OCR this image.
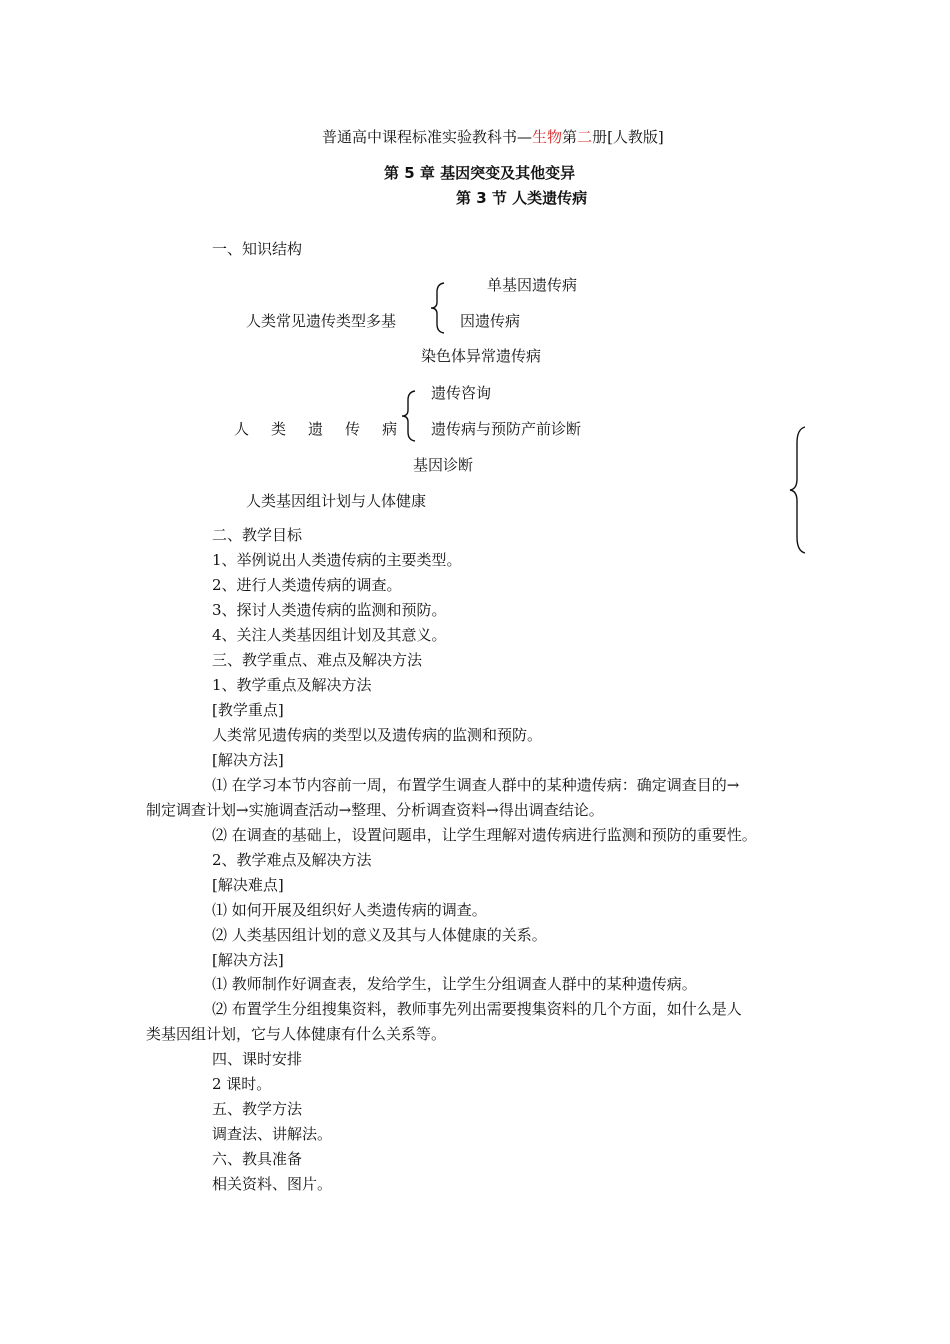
普通高中课程标准实验教科书—生物第二册[人教版]
第 5 章 基因突变及其他变异
第 3 节 人类遗传病
一、知识结构
人类常见遗传类型多基
单基因遗传病
因遗传病
染色体异常遗传病
人 类 遗 传 病
遗传咨询
遗传病与预防产前诊断
基因诊断
人类基因组计划与人体健康
二、教学目标
1、举例说出人类遗传病的主要类型。
2、进行人类遗传病的调查。
3、探讨人类遗传病的监测和预防。
4、关注人类基因组计划及其意义。
三、教学重点、难点及解决方法
1、教学重点及解决方法
[教学重点]
人类常见遗传病的类型以及遗传病的监测和预防。
[解决方法]
⑴ 在学习本节内容前一周，布置学生调查人群中的某种遗传病：确定调查目的→
制定调查计划→实施调查活动→整理、分析调查资料→得出调查结论。
⑵ 在调查的基础上，设置问题串，让学生理解对遗传病进行监测和预防的重要性。
2、教学难点及解决方法
[解决难点]
⑴ 如何开展及组织好人类遗传病的调查。
⑵ 人类基因组计划的意义及其与人体健康的关系。
[解决方法]
⑴ 教师制作好调查表，发给学生，让学生分组调查人群中的某种遗传病。
⑵ 布置学生分组搜集资料，教师事先列出需要搜集资料的几个方面，如什么是人
类基因组计划，它与人体健康有什么关系等。
四、课时安排
2 课时。
五、教学方法
调查法、讲解法。
六、教具准备
相关资料、图片。
